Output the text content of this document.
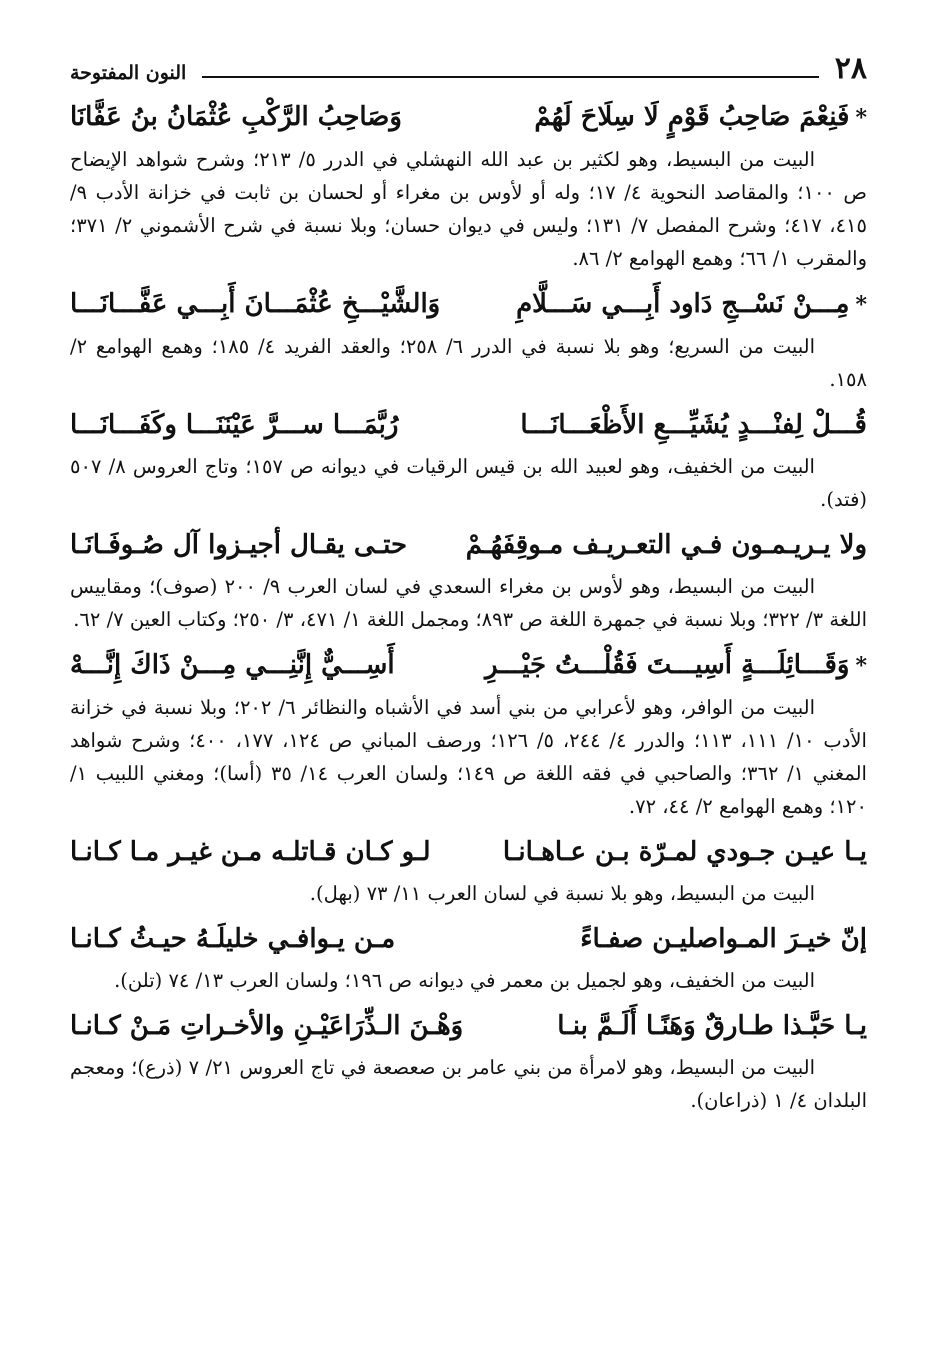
٢٨
النون المفتوحة
*فَنِعْمَ صَاحِبُ قَوْمٍ لَا سِلَاحَ لَهُمْ
وَصَاحِبُ الرَّكْبِ عُثْمَانُ بنُ عَفَّانَا

البيت من البسيط، وهو لكثير بن عبد الله النهشلي في الدرر ٥/ ٢١٣؛ وشرح شواهد الإيضاح ص ١٠٠؛ والمقاصد النحوية ٤/ ١٧؛ وله أو لأوس بن مغراء أو لحسان بن ثابت في خزانة الأدب ٩/ ٤١٥، ٤١٧؛ وشرح المفصل ٧/ ١٣١؛ وليس في ديوان حسان؛ وبلا نسبة في شرح الأشموني ٢/ ٣٧١؛ والمقرب ١/ ٦٦؛ وهمع الهوامع ٢/ ٨٦.

*مِـــنْ نَسْــجِ دَاود أَبِـــي سَـــلَّامِ
وَالشَّيْـــخِ عُثْمَـــانَ أَبِـــي عَفَّـــانَـــا

البيت من السريع؛ وهو بلا نسبة في الدرر ٦/ ٢٥٨؛ والعقد الفريد ٤/ ١٨٥؛ وهمع الهوامع ٢/ ١٥٨.

قُـــلْ لِفنْـــدٍ يُشَيِّـــعِ الأَظْعَـــانَـــا
رُبَّمَـــا ســـرَّ عَيْنَنَـــا وكَفَـــانَـــا

البيت من الخفيف، وهو لعبيد الله بن قيس الرقيات في ديوانه ص ١٥٧؛ وتاج العروس ٨/ ٥٠٧ (فتد).

ولا يـريـمـون فـي التعـريـف مـوقِفَهُـمْ
حتـى يقـال أجيـزوا آل صُـوفَـانَـا

البيت من البسيط، وهو لأوس بن مغراء السعدي في لسان العرب ٩/ ٢٠٠ (صوف)؛ ومقاييس اللغة ٣/ ٣٢٢؛ وبلا نسبة في جمهرة اللغة ص ٨٩٣؛ ومجمل اللغة ١/ ٤٧١، ٣/ ٢٥٠؛ وكتاب العين ٧/ ٦٢.

*وَقَـــائِلَـــةٍ أَسِيـــتَ فَقُلْـــتُ جَيْـــرِ
أَسِـــيٌّ إِنَّنِـــي مِـــنْ ذَاكَ إِنَّـــهْ

البيت من الوافر، وهو لأعرابي من بني أسد في الأشباه والنظائر ٦/ ٢٠٢؛ وبلا نسبة في خزانة الأدب ١٠/ ١١١، ١١٣؛ والدرر ٤/ ٢٤٤، ٥/ ١٢٦؛ ورصف المباني ص ١٢٤، ١٧٧، ٤٠٠؛ وشرح شواهد المغني ١/ ٣٦٢؛ والصاحبي في فقه اللغة ص ١٤٩؛ ولسان العرب ١٤/ ٣٥ (أسا)؛ ومغني اللبيب ١/ ١٢٠؛ وهمع الهوامع ٢/ ٤٤، ٧٢.

يـا عيـن جـودي لمـرّة بـن عـاهـانـا
لـو كـان قـاتلـه مـن غيـر مـا كـانـا

البيت من البسيط، وهو بلا نسبة في لسان العرب ١١/ ٧٣ (بهل).

إنّ خيـرَ المـواصليـن صفـاءً
مـن يـوافـي خليلَـهُ حيـثُ كـانـا

البيت من الخفيف، وهو لجميل بن معمر في ديوانه ص ١٩٦؛ ولسان العرب ١٣/ ٧٤ (تلن).

يـا حَبَّـذا طـارقٌ وَهَنًـا أَلَـمَّ بنـا
وَهْـنَ الـذِّرَاعَيْـنِ والأخـراتِ مَـنْ كـانـا

البيت من البسيط، وهو لامرأة من بني عامر بن صعصعة في تاج العروس ٢١/ ٧ (ذرع)؛ ومعجم البلدان ٤/ ١ (ذراعان).
